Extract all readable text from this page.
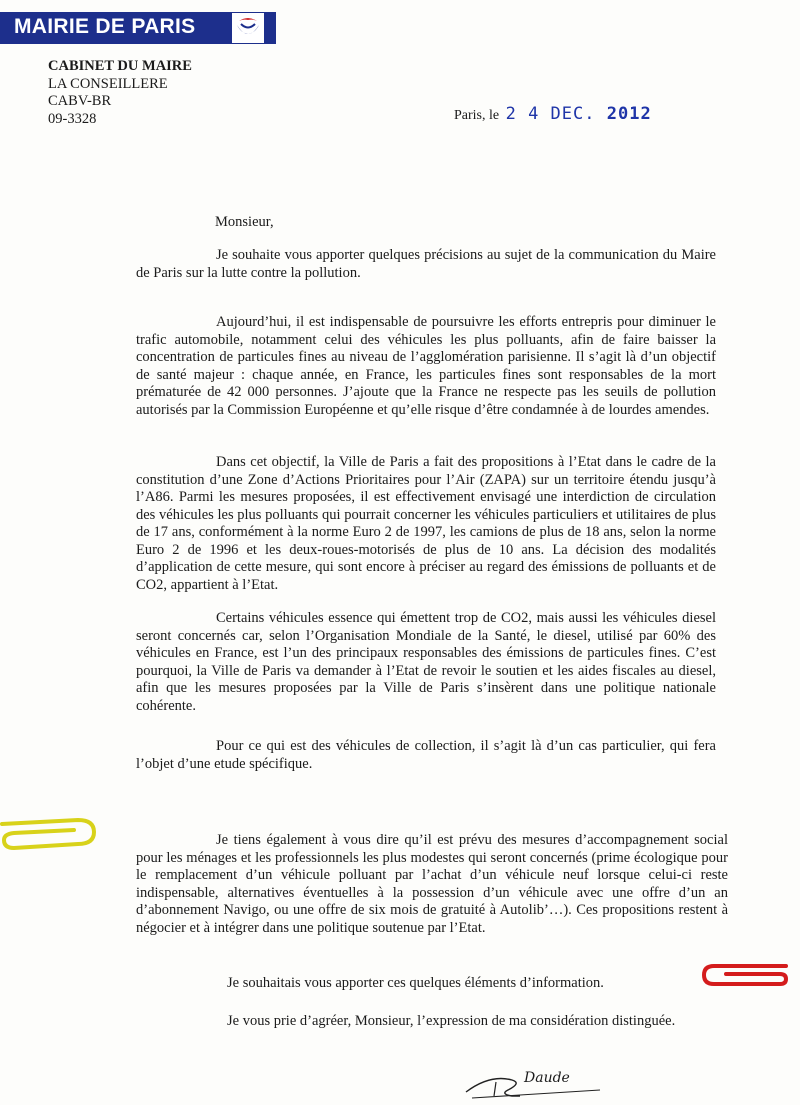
MAIRIE DE PARIS
CABINET DU MAIRE
LA CONSEILLERE
CABV-BR
09-3328	Paris, le 2 4 DEC. 2012
Monsieur,

Je souhaite vous apporter quelques précisions au sujet de la communication du Maire de Paris sur la lutte contre la pollution.

Aujourd’hui, il est indispensable de poursuivre les efforts entrepris pour diminuer le trafic automobile, notamment celui des véhicules les plus polluants, afin de faire baisser la concentration de particules fines au niveau de l’agglomération parisienne. Il s’agit là d’un objectif de santé majeur : chaque année, en France, les particules fines sont responsables de la mort prématurée de 42 000 personnes. J’ajoute que la France ne respecte pas les seuils de pollution autorisés par la Commission Européenne et qu’elle risque d’être condamnée à de lourdes amendes.

Dans cet objectif, la Ville de Paris a fait des propositions à l’Etat dans le cadre de la constitution d’une Zone d’Actions Prioritaires pour l’Air (ZAPA) sur un territoire étendu jusqu’à l’A86. Parmi les mesures proposées, il est effectivement envisagé une interdiction de circulation des véhicules les plus polluants qui pourrait concerner les véhicules particuliers et utilitaires de plus de 17 ans, conformément à la norme Euro 2 de 1997, les camions de plus de 18 ans, selon la norme Euro 2 de 1996 et les deux-roues-motorisés de plus de 10 ans. La décision des modalités d’application de cette mesure, qui sont encore à préciser au regard des émissions de polluants et de CO2, appartient à l’Etat.

Certains véhicules essence qui émettent trop de CO2, mais aussi les véhicules diesel seront concernés car, selon l’Organisation Mondiale de la Santé, le diesel, utilisé par 60% des véhicules en France, est l’un des principaux responsables des émissions de particules fines. C’est pourquoi, la Ville de Paris va demander à l’Etat de revoir le soutien et les aides fiscales au diesel, afin que les mesures proposées par la Ville de Paris s’insèrent dans une politique nationale cohérente.

Pour ce qui est des véhicules de collection, il s’agit là d’un cas particulier, qui fera l’objet d’une etude spécifique.

Je tiens également à vous dire qu’il est prévu des mesures d’accompagnement social pour les ménages et les professionnels les plus modestes qui seront concernés (prime écologique pour le remplacement d’un véhicule polluant par l’achat d’un véhicule neuf lorsque celui-ci reste indispensable, alternatives éventuelles à la possession d’un véhicule avec une offre d’un an d’abonnement Navigo, ou une offre de six mois de gratuité à Autolib’…). Ces propositions restent à négocier et à intégrer dans une politique soutenue par l’Etat.

Je souhaitais vous apporter ces quelques éléments d’information.
Je vous prie d’agréer, Monsieur, l’expression de ma considération distinguée.
Daude
